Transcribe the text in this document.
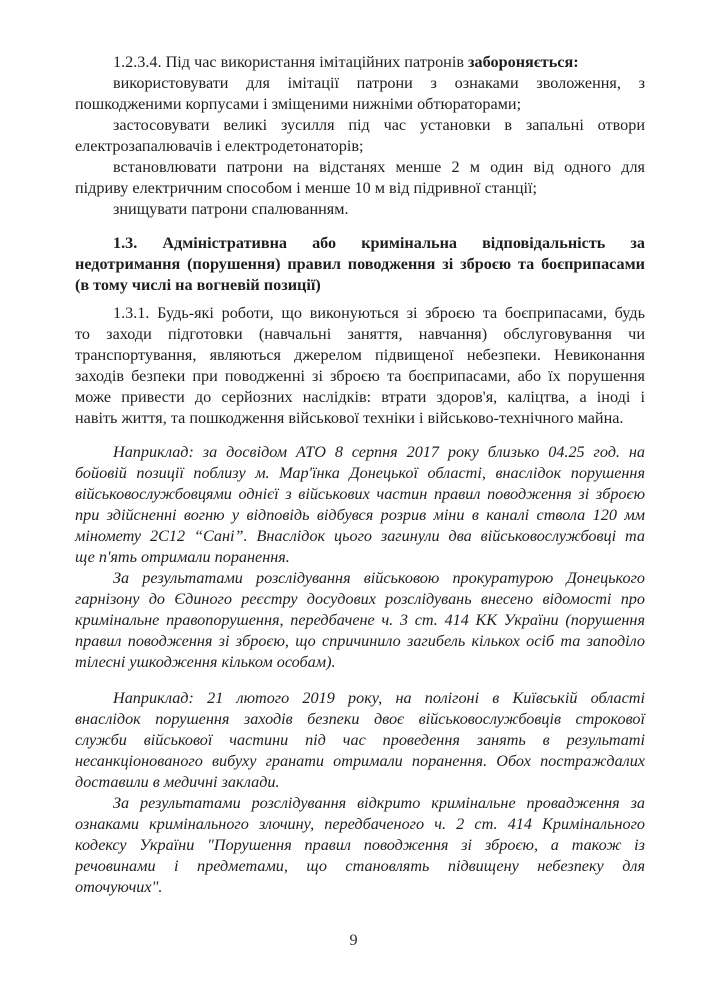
1.2.3.4. Під час використання імітаційних патронів забороняється:

використовувати для імітації патрони з ознаками зволоження, з
пошкодженими корпусами і зміщеними нижніми обтюраторами;
застосовувати великі зусилля під час установки в запальні отвори
електрозапалювачів і електродетонаторів;
встановлювати патрони на відстанях менше 2 м один від одного для
підриву електричним способом і менше 10 м від підривної станції;
знищувати патрони спалюванням.
1.3. Адміністративна або кримінальна відповідальність за
недотримання (порушення) правил поводження зі зброєю та боєприпасами
(в тому числі на вогневій позиції)
1.3.1. Будь-які роботи, що виконуються зі зброєю та боєприпасами, будь
то заходи підготовки (навчальні заняття, навчання) обслуговування чи
транспортування, являються джерелом підвищеної небезпеки. Невиконання
заходів безпеки при поводженні зі зброєю та боєприпасами, або їх порушення
може привести до серйозних наслідків: втрати здоров'я, каліцтва, а іноді і
навіть життя, та пошкодження військової техніки і військово-технічного майна.
Наприклад: за досвідом АТО 8 серпня 2017 року близько 04.25 год. на
бойовій позиції поблизу м. Мар'їнка Донецької області, внаслідок порушення
військовослужбовцями однієї з військових частин правил поводження зі зброєю
при здійсненні вогню у відповідь відбувся розрив міни в каналі ствола 120 мм
міномету 2С12 “Сані”. Внаслідок цього загинули два військовослужбовці та
ще п'ять отримали поранення.
За результатами розслідування військовою прокуратурою Донецького
гарнізону до Єдиного реєстру досудових розслідувань внесено відомості про
кримінальне правопорушення, передбачене ч. 3 ст. 414 КК України (порушення
правил поводження зі зброєю, що спричинило загибель кількох осіб та заподіло
тілесні ушкодження кільком особам).
Наприклад: 21 лютого 2019 року, на полігоні в Київській області
внаслідок порушення заходів безпеки двоє військовослужбовців строкової
служби військової частини під час проведення занять в результаті
несанкціонованого вибуху гранати отримали поранення. Обох постраждалих
доставили в медичні заклади.
За результатами розслідування відкрито кримінальне провадження за
ознаками кримінального злочину, передбаченого ч. 2 ст. 414 Кримінального
кодексу України "Порушення правил поводження зі зброєю, а також із
речовинами і предметами, що становлять підвищену небезпеку для
оточуючих".
9
